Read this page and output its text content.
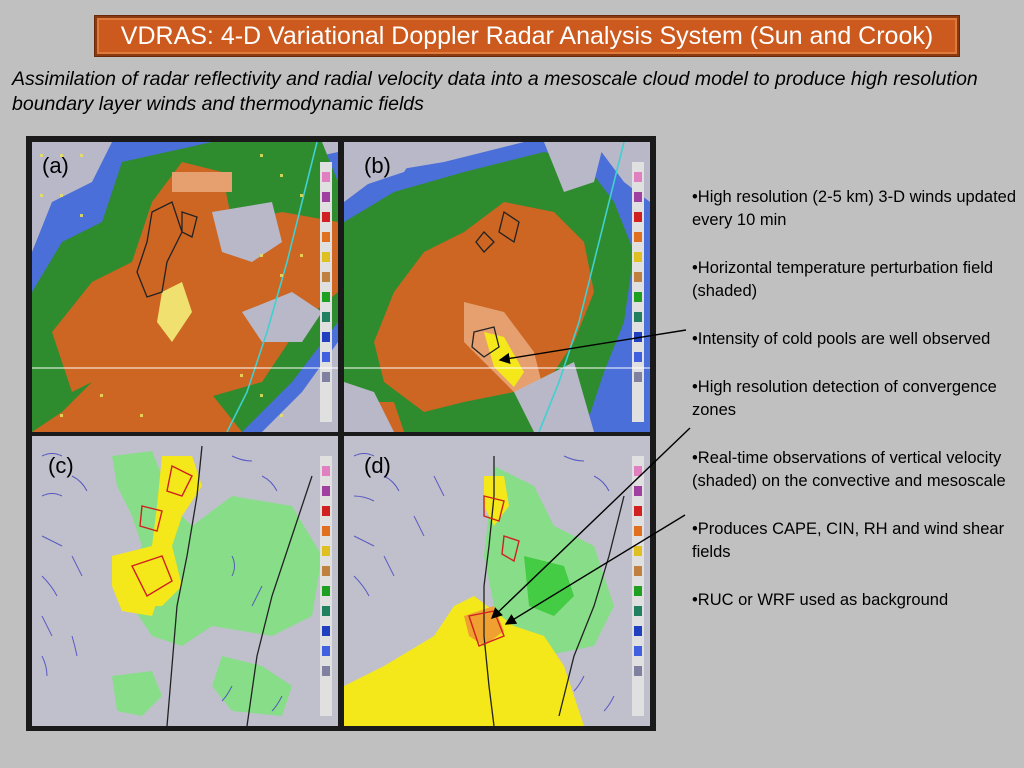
VDRAS: 4-D Variational Doppler Radar Analysis System (Sun and Crook)
Assimilation of radar reflectivity and radial velocity data into a mesoscale cloud model to produce high resolution boundary layer winds and thermodynamic fields
(a)	(b)
(c)	(d)
•High resolution (2-5 km) 3-D winds updated every 10 min
•Horizontal temperature perturbation field (shaded)
•Intensity of cold pools are well observed
•High resolution detection of convergence zones
•Real-time observations of vertical velocity (shaded) on the convective and mesoscale
•Produces CAPE, CIN, RH and wind shear fields
•RUC or WRF used as background
